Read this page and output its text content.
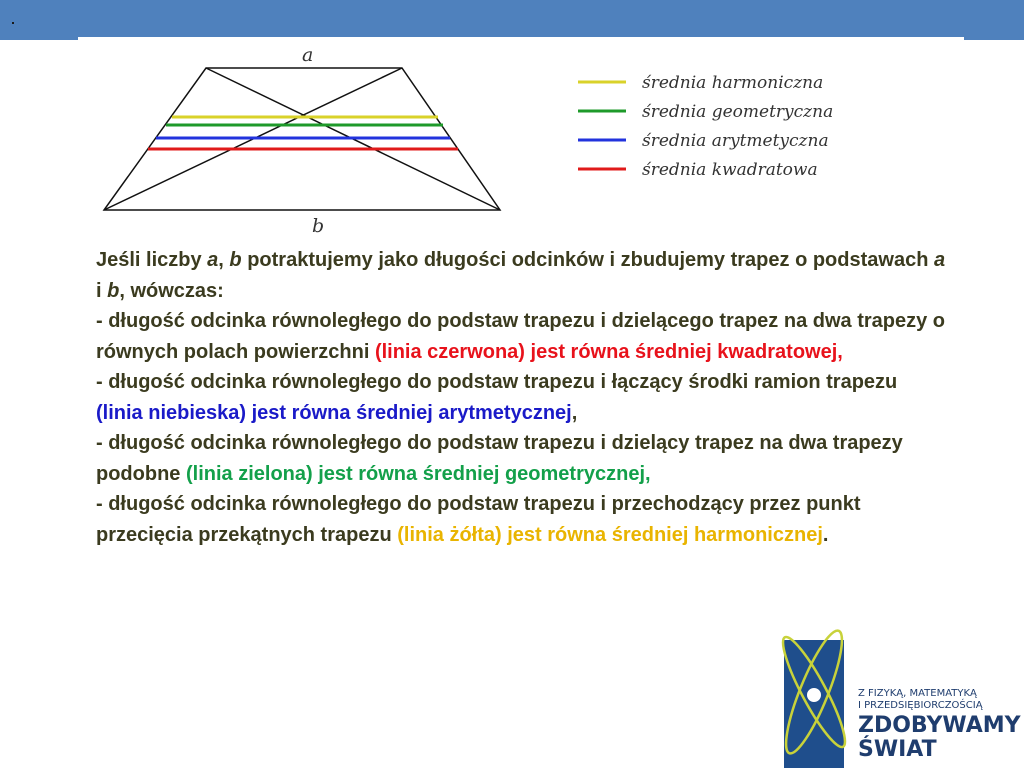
a
b
średnia harmoniczna
średnia geometryczna
średnia arytmetyczna
średnia kwadratowa

Jeśli liczby a, b potraktujemy jako długości odcinków i zbudujemy trapez o podstawach a i b, wówczas:

- długość odcinka równoległego do podstaw trapezu i dzielącego trapez na dwa trapezy o równych polach powierzchni (linia czerwona) jest równa średniej kwadratowej,

- długość odcinka równoległego do podstaw trapezu i łączący środki ramion trapezu (linia niebieska) jest równa średniej arytmetycznej,

- długość odcinka równoległego do podstaw trapezu i dzielący trapez na dwa trapezy podobne (linia zielona) jest równa średniej geometrycznej,

- długość odcinka równoległego do podstaw trapezu i przechodzący przez punkt przecięcia przekątnych trapezu (linia żółta) jest równa średniej harmonicznej.

Z FIZYKĄ, MATEMATYKĄ
I PRZEDSIĘBIORCZOŚCIĄ
ZDOBYWAMY
ŚWIAT
